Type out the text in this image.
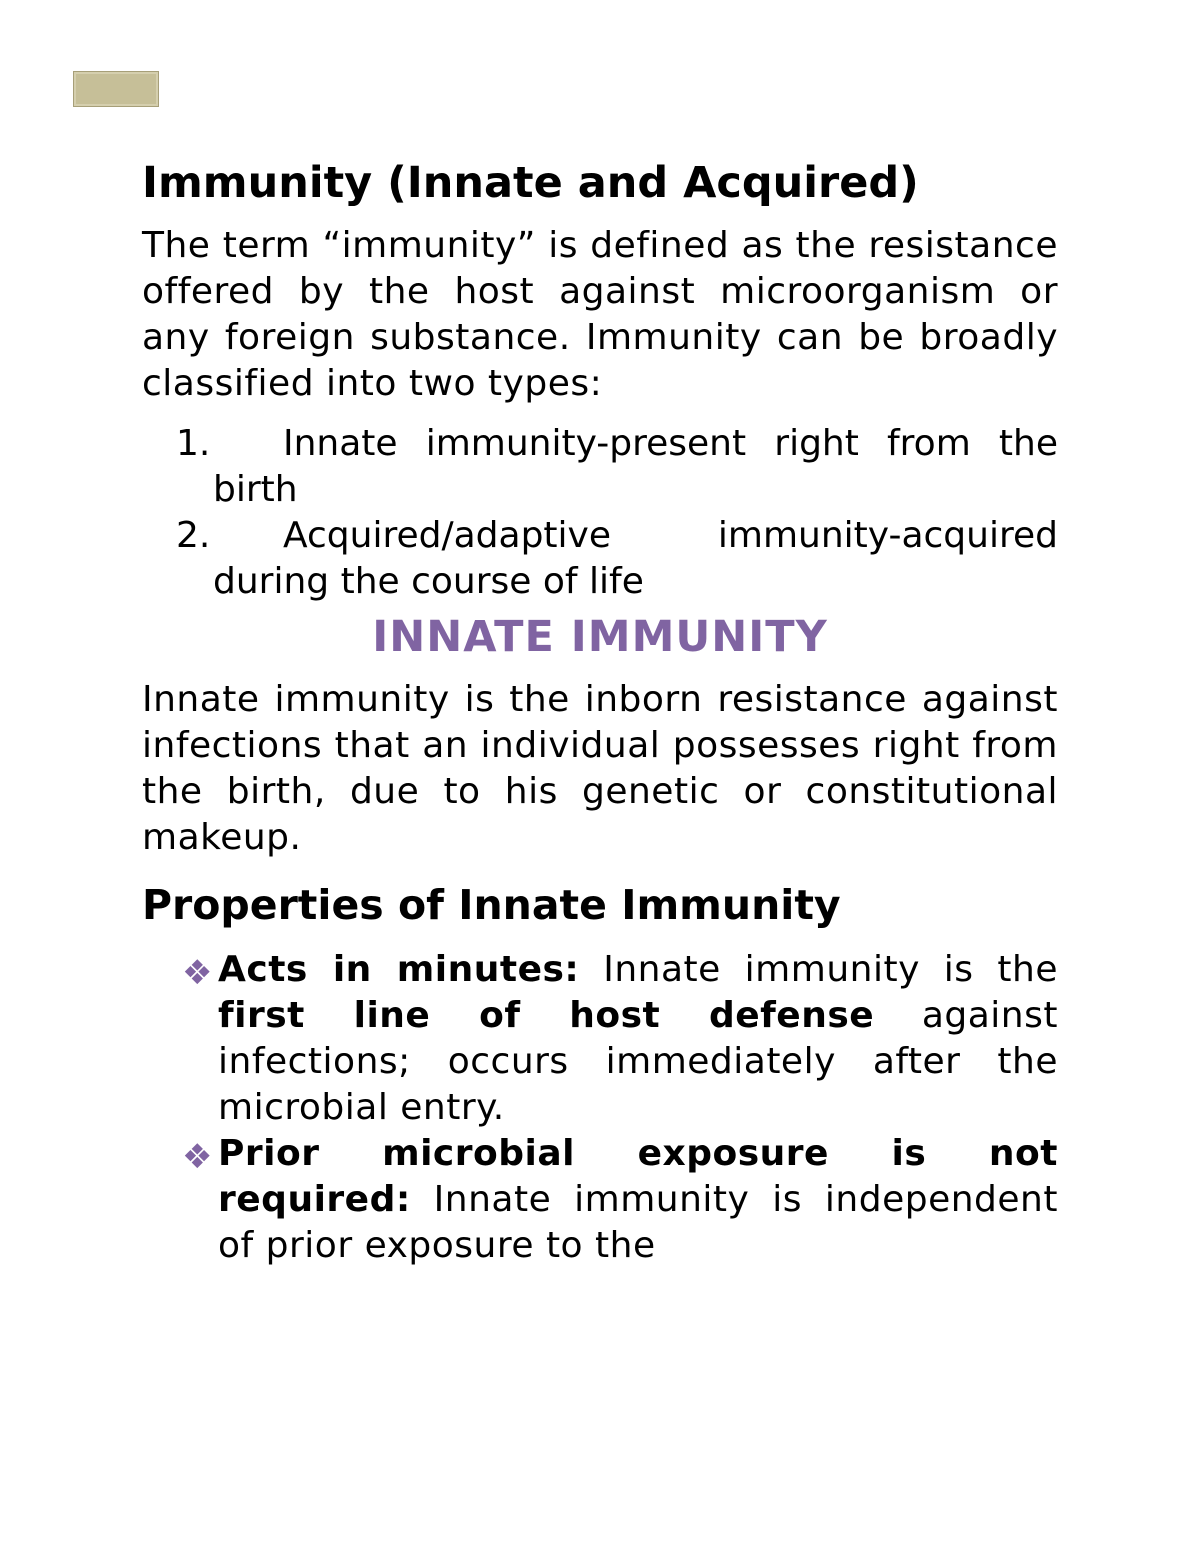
Immunity (Innate and Acquired)

The term “immunity” is defined as the resistance offered by the host against microorganism or any foreign substance. Immunity can be broadly classified into two types:

1. Innate immunity-present right from the birth
2. Acquired/adaptive immunity-acquired during the course of life
INNATE IMMUNITY

Innate immunity is the inborn resistance against infections that an individual possesses right from the birth, due to his genetic or constitutional makeup.

Properties of Innate Immunity
❖ Acts in minutes: Innate immunity is the first line of host defense against infections; occurs immediately after the microbial entry.

❖ Prior microbial exposure is not required: Innate immunity is independent of prior exposure to the
